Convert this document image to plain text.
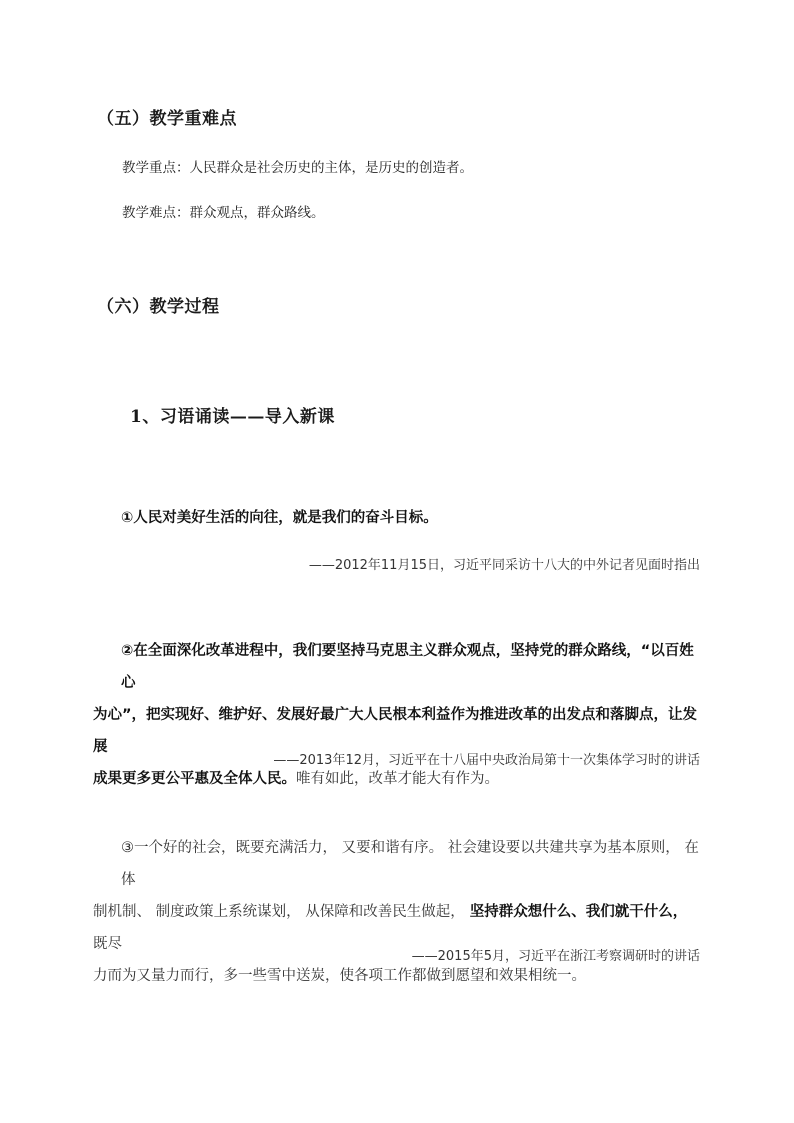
（五）教学重难点
教学重点：人民群众是社会历史的主体，是历史的创造者。
教学难点：群众观点，群众路线。
（六）教学过程
1、习语诵读——导入新课
①人民对美好生活的向往，就是我们的奋斗目标。
——2012年11月15日，习近平同采访十八大的中外记者见面时指出
②在全面深化改革进程中，我们要坚持马克思主义群众观点，坚持党的群众路线，“以百姓心
为心”，把实现好、维护好、发展好最广大人民根本利益作为推进改革的出发点和落脚点，让发展
成果更多更公平惠及全体人民。唯有如此，改革才能大有作为。
——2013年12月，习近平在十八届中央政治局第十一次集体学习时的讲话
③一个好的社会，既要充满活力， 又要和谐有序。 社会建设要以共建共享为基本原则， 在体
制机制、 制度政策上系统谋划， 从保障和改善民生做起， 坚持群众想什么、我们就干什么，既尽
力而为又量力而行，多一些雪中送炭，使各项工作都做到愿望和效果相统一。
——2015年5月，习近平在浙江考察调研时的讲话
